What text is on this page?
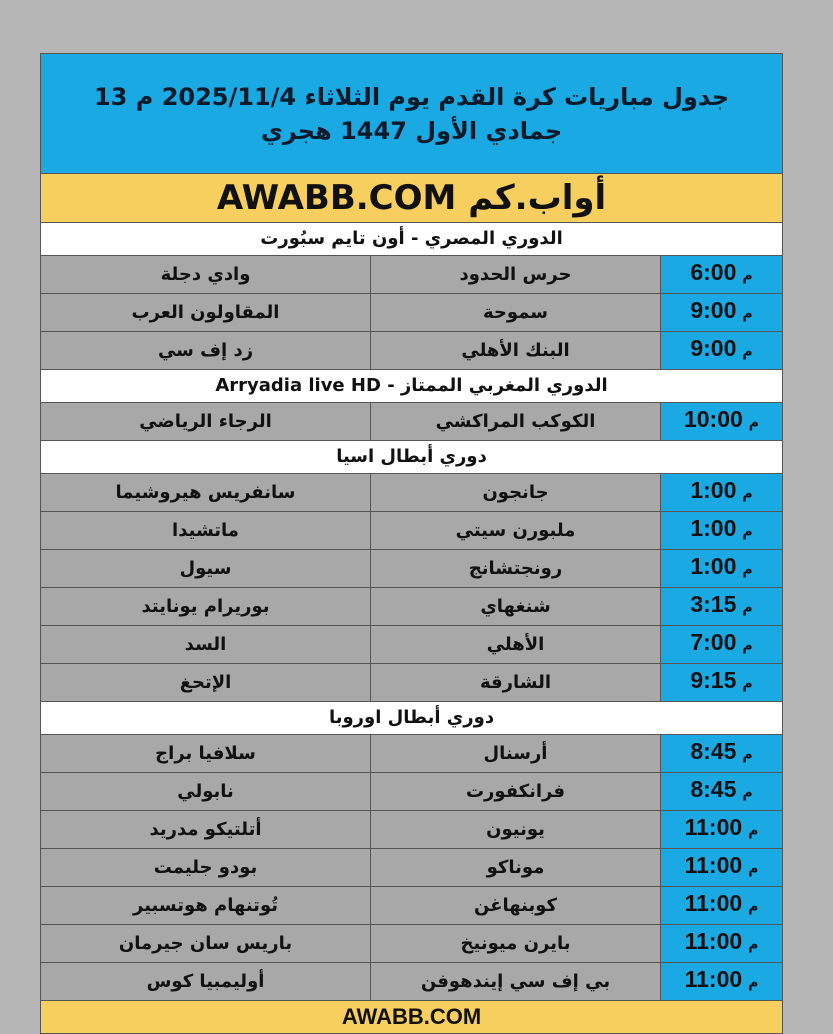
جدول مباريات كرة القدم يوم الثلاثاء 2025/11/4 م 13 جمادي الأول 1447 هجري		
أواب.كم AWABB.COM		
الدوري المصري - أون تايم سبُورت		
وادي دجلة	حرس الحدود	م6:00
المقاولون العرب	سموحة	م9:00
زد إف سي	البنك الأهلي	م9:00
الدوري المغربي الممتاز - Arryadia live HD		
الرجاء الرياضي	الكوكب المراكشي	م10:00
دوري أبطال اسيا		
سانفريس هيروشيما	جانجون	م1:00
ماتشيدا	ملبورن سيتي	م1:00
سيول	رونجتشانج	م1:00
بوريرام يونايتد	شنغهاي	م3:15
السد	الأهلي	م7:00
الإتحغ	الشارقة	م9:15
دوري أبطال اوروبا		
سلافيا براج	أرسنال	م8:45
نابولي	فرانكفورت	م8:45
أتلتيكو مدريد	يونيون	م11:00
بودو جليمت	موناكو	م11:00
تُوتنهام هوتسبير	كوبنهاغن	م11:00
باريس سان جيرمان	بايرن ميونيخ	م11:00
أوليمبيا كوس	بي إف سي إيندهوفن	م11:00
AWABB.COM		
